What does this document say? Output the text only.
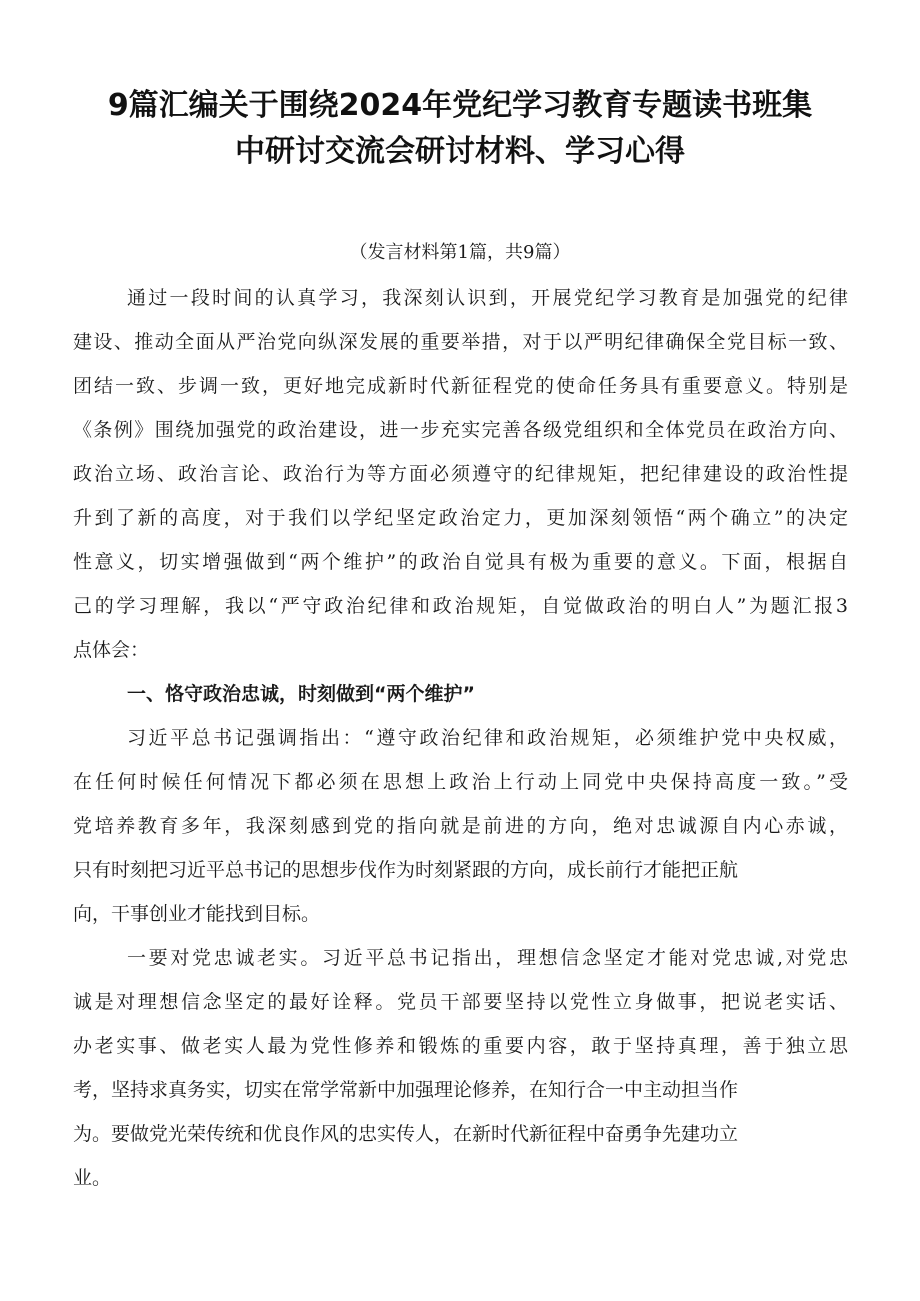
9篇汇编关于围绕2024年党纪学习教育专题读书班集
中研讨交流会研讨材料、学习心得
（发言材料第1篇，共9篇）
通过一段时间的认真学习，我深刻认识到，开展党纪学习教育是加强党的纪律
建设、推动全面从严治党向纵深发展的重要举措，对于以严明纪律确保全党目标一致、
团结一致、步调一致，更好地完成新时代新征程党的使命任务具有重要意义。特别是
《条例》围绕加强党的政治建设，进一步充实完善各级党组织和全体党员在政治方向、
政治立场、政治言论、政治行为等方面必须遵守的纪律规矩，把纪律建设的政治性提
升到了新的高度，对于我们以学纪坚定政治定力，更加深刻领悟“两个确立”的决定
性意义，切实增强做到“两个维护”的政治自觉具有极为重要的意义。下面，根据自
己的学习理解，我以“严守政治纪律和政治规矩，自觉做政治的明白人”为题汇报3
点体会：
一、恪守政治忠诚，时刻做到“两个维护”
习近平总书记强调指出：“遵守政治纪律和政治规矩，必须维护党中央权威，
在任何时候任何情况下都必须在思想上政治上行动上同党中央保持高度一致。”受
党培养教育多年，我深刻感到党的指向就是前进的方向，绝对忠诚源自内心赤诚，
只有时刻把习近平总书记的思想步伐作为时刻紧跟的方向，成长前行才能把正航
向，干事创业才能找到目标。
一要对党忠诚老实。习近平总书记指出，理想信念坚定才能对党忠诚,对党忠
诚是对理想信念坚定的最好诠释。党员干部要坚持以党性立身做事，把说老实话、
办老实事、做老实人最为党性修养和锻炼的重要内容，敢于坚持真理，善于独立思
考，坚持求真务实，切实在常学常新中加强理论修养，在知行合一中主动担当作
为。要做党光荣传统和优良作风的忠实传人，在新时代新征程中奋勇争先建功立
业。
